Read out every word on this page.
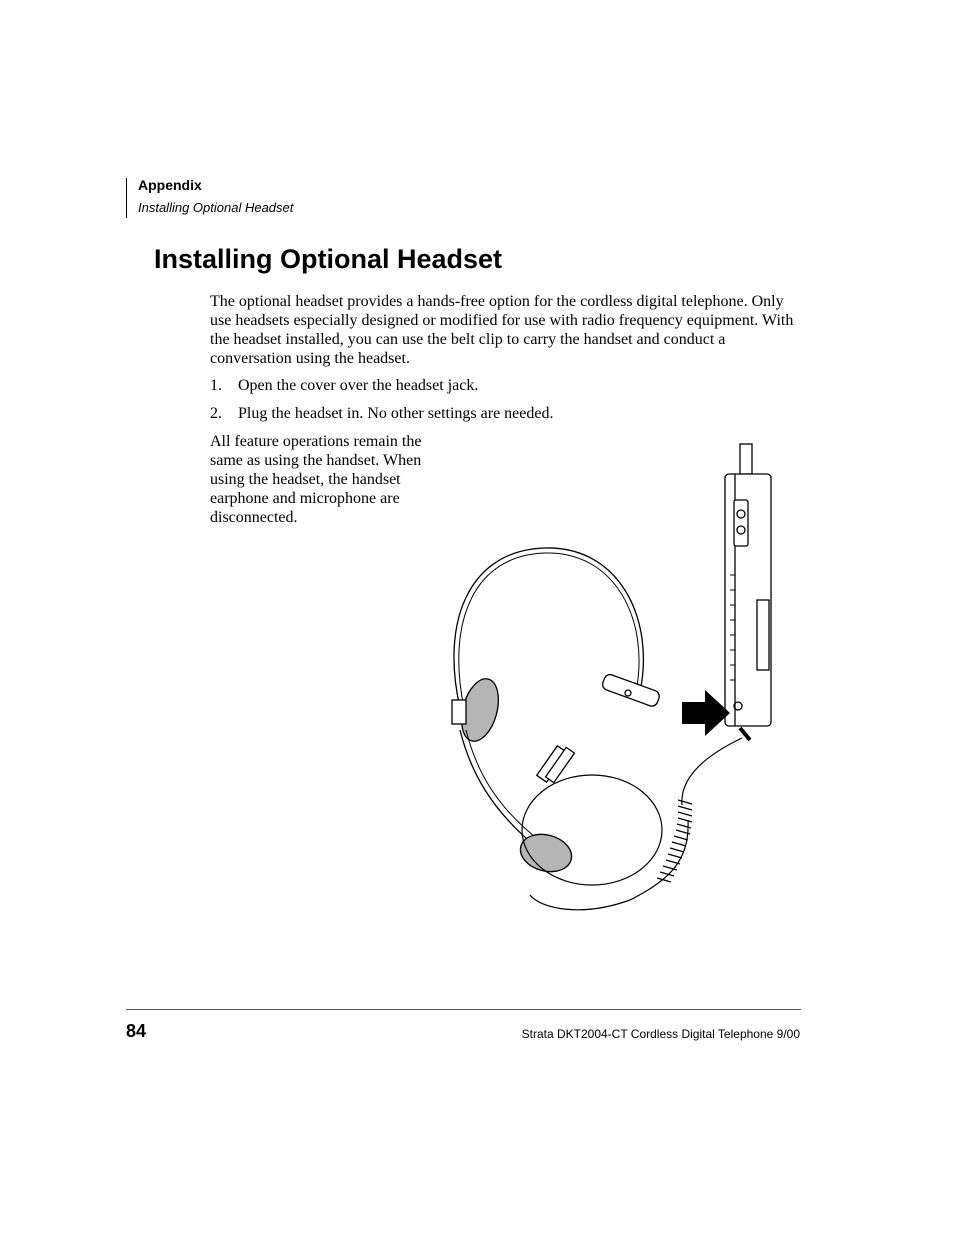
Appendix
Installing Optional Headset
Installing Optional Headset

The optional headset provides a hands-free option for the cordless digital telephone. Only use headsets especially designed or modified for use with radio frequency equipment. With the headset installed, you can use the belt clip to carry the handset and conduct a conversation using the headset.

1. Open the cover over the headset jack.

2. Plug the headset in. No other settings are needed.

All feature operations remain the same as using the handset. When using the headset, the handset earphone and microphone are disconnected.

84	Strata DKT2004-CT Cordless Digital Telephone 9/00
